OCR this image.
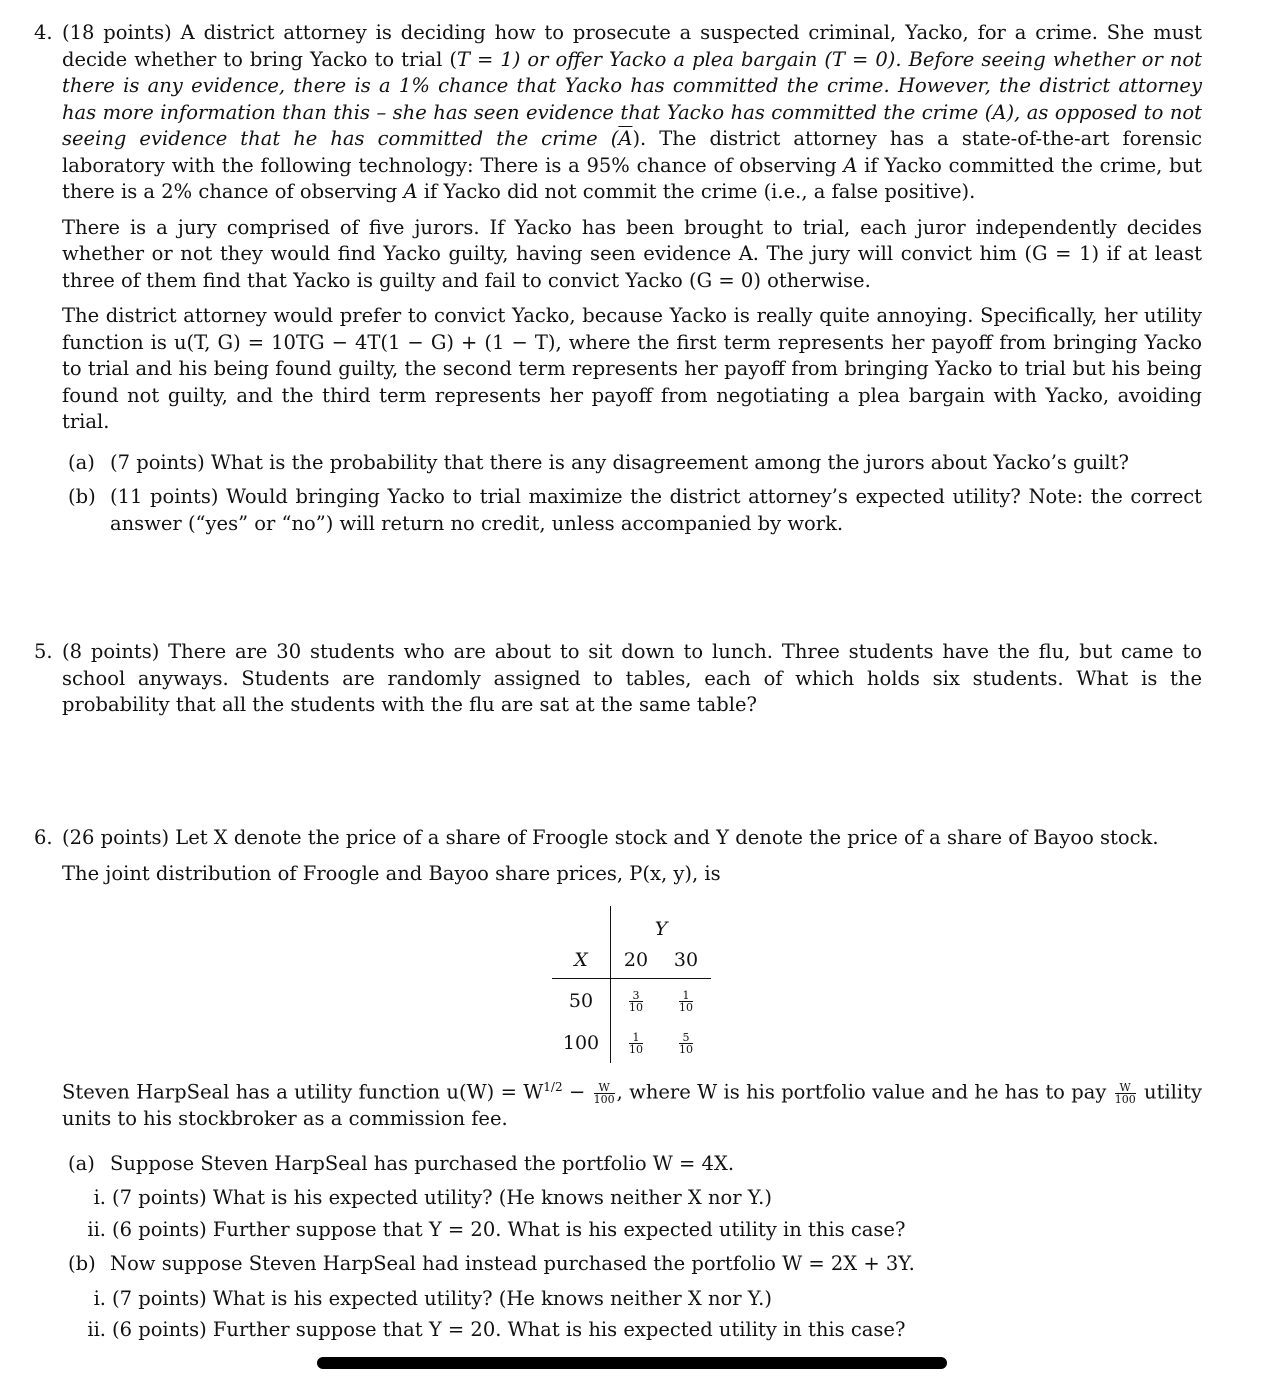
4. (18 points) A district attorney is deciding how to prosecute a suspected criminal, Yacko, for a crime. She must decide whether to bring Yacko to trial (T = 1) or offer Yacko a plea bargain (T = 0). Before seeing whether or not there is any evidence, there is a 1% chance that Yacko has committed the crime. However, the district attorney has more information than this – she has seen evidence that Yacko has committed the crime (A), as opposed to not seeing evidence that he has committed the crime $(\overline{A})$. The district attorney has a state-of-the-art forensic laboratory with the following technology: There is a 95% chance of observing A if Yacko committed the crime, but there is a 2% chance of observing A if Yacko did not commit the crime (i.e., a false positive).

There is a jury comprised of five jurors. If Yacko has been brought to trial, each juror independently decides whether or not they would find Yacko guilty, having seen evidence A. The jury will convict him (G = 1) if at least three of them find that Yacko is guilty and fail to convict Yacko (G = 0) otherwise.

The district attorney would prefer to convict Yacko, because Yacko is really quite annoying. Specifically, her utility function is u(T, G) = 10TG − 4T(1 − G) + (1 − T), where the first term represents her payoff from bringing Yacko to trial and his being found guilty, the second term represents her payoff from bringing Yacko to trial but his being found not guilty, and the third term represents her payoff from negotiating a plea bargain with Yacko, avoiding trial.

(a) (7 points) What is the probability that there is any disagreement among the jurors about Yacko’s guilt?
(b) (11 points) Would bringing Yacko to trial maximize the district attorney’s expected utility? Note: the correct answer (“yes” or “no”) will return no credit, unless accompanied by work.
5. (8 points) There are 30 students who are about to sit down to lunch. Three students have the flu, but came to school anyways. Students are randomly assigned to tables, each of which holds six students. What is the probability that all the students with the flu are sat at the same table?

6. (26 points) Let X denote the price of a share of Froogle stock and Y denote the price of a share of Bayoo stock.

The joint distribution of Froogle and Bayoo share prices, P(x, y), is

	Y	
X	20	30
50	$\frac{3}{10}$	$\frac{1}{10}$

100	$\frac{1}{10}$	$\frac{5}{10}$

Steven HarpSeal has a utility function $u(W) = W^{1/2} - \frac{W}{100}$ , where W is his portfolio value and he has to pay $\frac{W}{100}$ utility units to his stockbroker as a commission fee.

(a) Suppose Steven HarpSeal has purchased the portfolio W = 4X.
i. (7 points) What is his expected utility? (He knows neither X nor Y.)
ii. (6 points) Further suppose that Y = 20. What is his expected utility in this case?
(b) Now suppose Steven HarpSeal had instead purchased the portfolio W = 2X + 3Y.
i. (7 points) What is his expected utility? (He knows neither X nor Y.)
ii. (6 points) Further suppose that Y = 20. What is his expected utility in this case?
